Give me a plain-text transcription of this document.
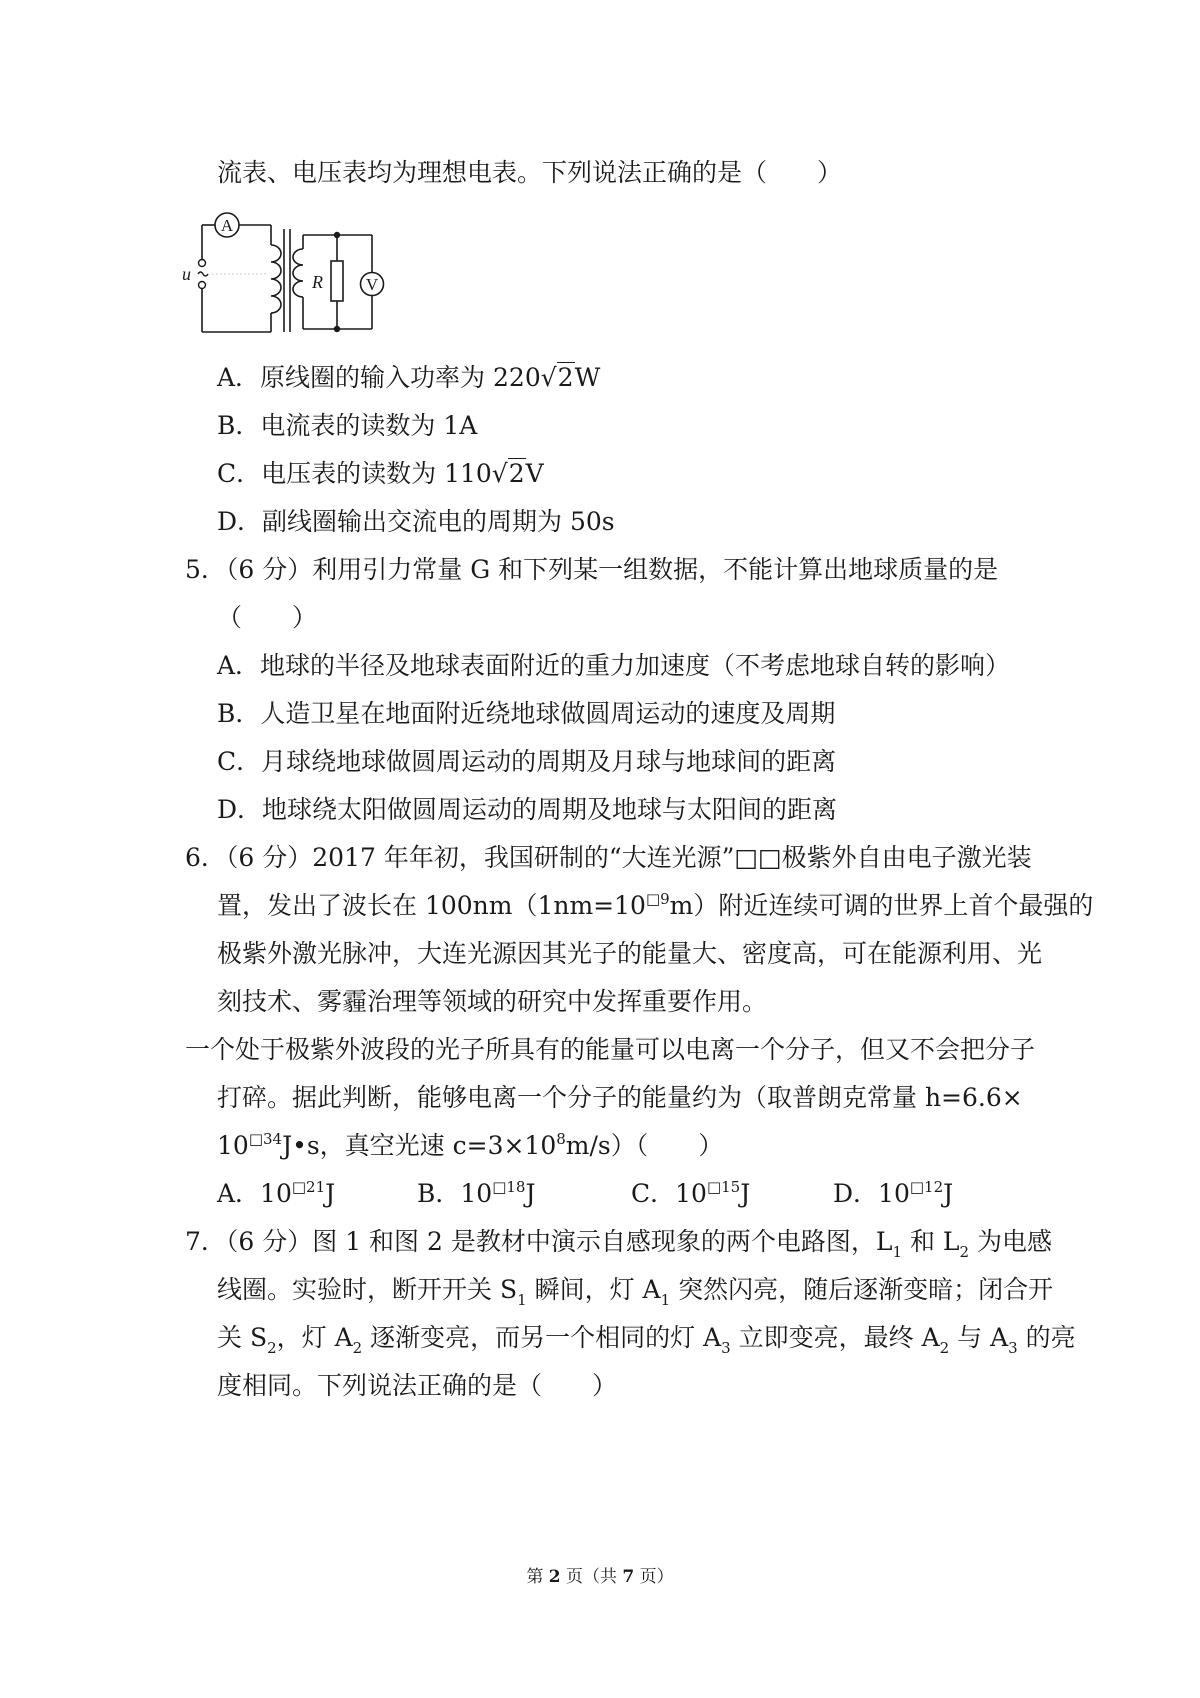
流表、电压表均为理想电表。下列说法正确的是（　　）
u
A
V
R
A．原线圈的输入功率为 220√2W
B．电流表的读数为 1A
C．电压表的读数为 110√2V
D．副线圈输出交流电的周期为 50s
5．（6 分）利用引力常量 G 和下列某一组数据，不能计算出地球质量的是
（　　）
A．地球的半径及地球表面附近的重力加速度（不考虑地球自转的影响）
B．人造卫星在地面附近绕地球做圆周运动的速度及周期
C．月球绕地球做圆周运动的周期及月球与地球间的距离
D．地球绕太阳做圆周运动的周期及地球与太阳间的距离
6．（6 分）2017 年年初，我国研制的“大连光源”□□极紫外自由电子激光装
置，发出了波长在 $100nm(1nm=10^{□9}m)$附近连续可调的世界上首个最强的
极紫外激光脉冲，大连光源因其光子的能量大、密度高，可在能源利用、光
刻技术、雾霾治理等领域的研究中发挥重要作用。
一个处于极紫外波段的光子所具有的能量可以电离一个分子，但又不会把分子
打碎。据此判断，能够电离一个分子的能量约为（取普朗克常量 h=6.6×
$10^{□34}J•s$，真空光速 $c=3\times 10^8m/s$）（　　）
A．$10^{□21}J$	B．$10^{□18}J$	C．$10^{□15}J$	D．$10^{□12}J$
7．（6 分）图 1 和图 2 是教材中演示自感现象的两个电路图，$L_1$ 和 $L_2$ 为电感
线圈。实验时，断开开关 $S_1$ 瞬间，灯 $A_1$ 突然闪亮，随后逐渐变暗；闭合开
关 $S_2$，灯 $A_2$ 逐渐变亮，而另一个相同的灯 $A_3$ 立即变亮，最终 $A_2$ 与 $A_3$ 的亮
度相同。下列说法正确的是（　　）
第 2 页（共 7 页）
